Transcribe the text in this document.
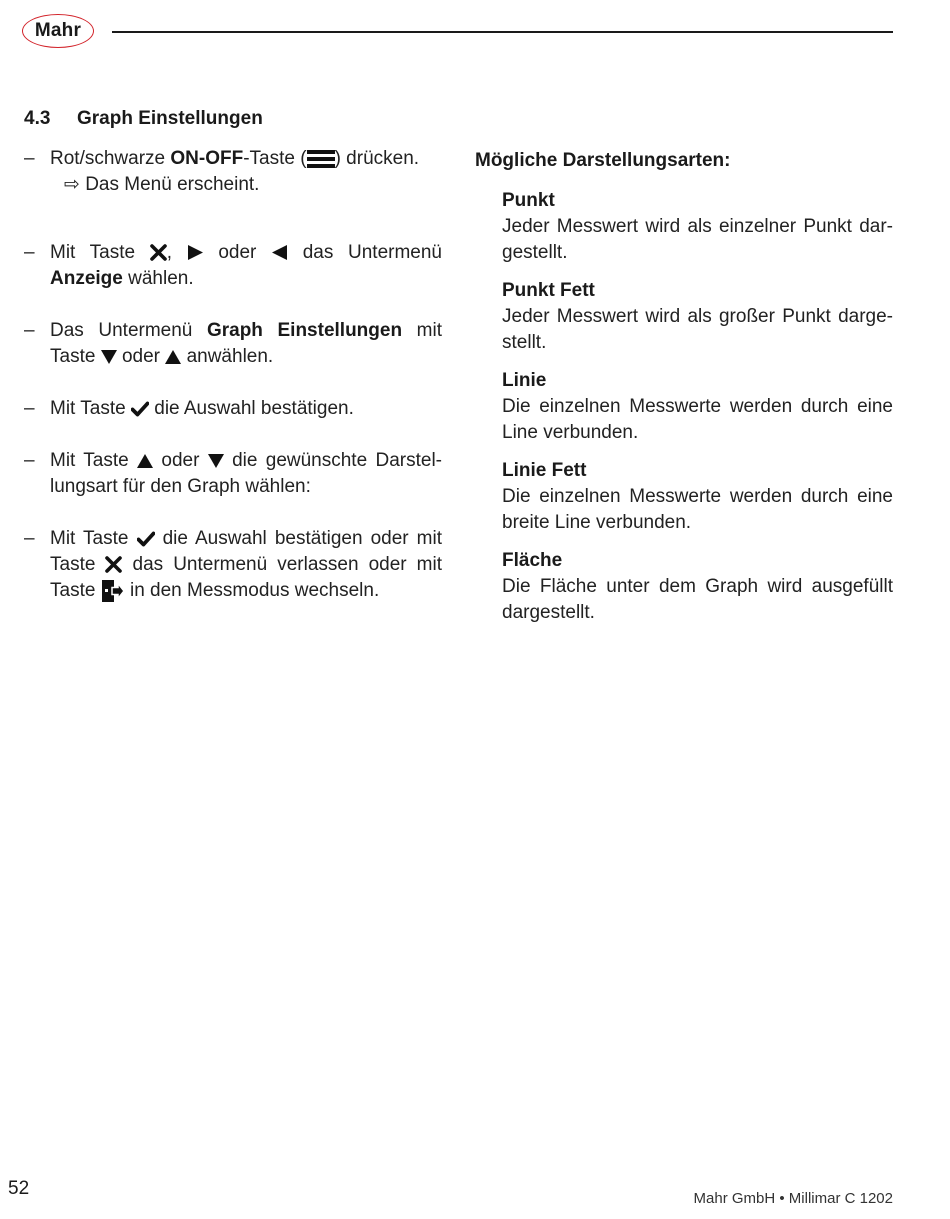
Mahr
4.3 Graph Einstellungen
– Rot/schwarze ON-OFF-Taste ( ) drücken.
⇨ Das Menü erscheint.
– Mit Taste
,
oder
das Untermenü Anzeige wählen.
– Das Untermenü Graph Einstellungen mit Taste
oder
anwählen.
– Mit Taste
die Auswahl bestätigen.
– Mit Taste
oder
die gewünschte Darstellungsart für den Graph wählen:
– Mit Taste
die Auswahl bestätigen oder mit Taste
das Untermenü verlassen oder mit Taste
in den Messmodus wechseln.
Mögliche Darstellungsarten:
Punkt
Jeder Messwert wird als einzelner Punkt dargestellt.
Punkt Fett
Jeder Messwert wird als großer Punkt dargestellt.
Linie
Die einzelnen Messwerte werden durch eine Line verbunden.
Linie Fett
Die einzelnen Messwerte werden durch eine breite Line verbunden.
Fläche
Die Fläche unter dem Graph wird ausgefüllt dargestellt.
52	Mahr GmbH • Millimar C 1202
